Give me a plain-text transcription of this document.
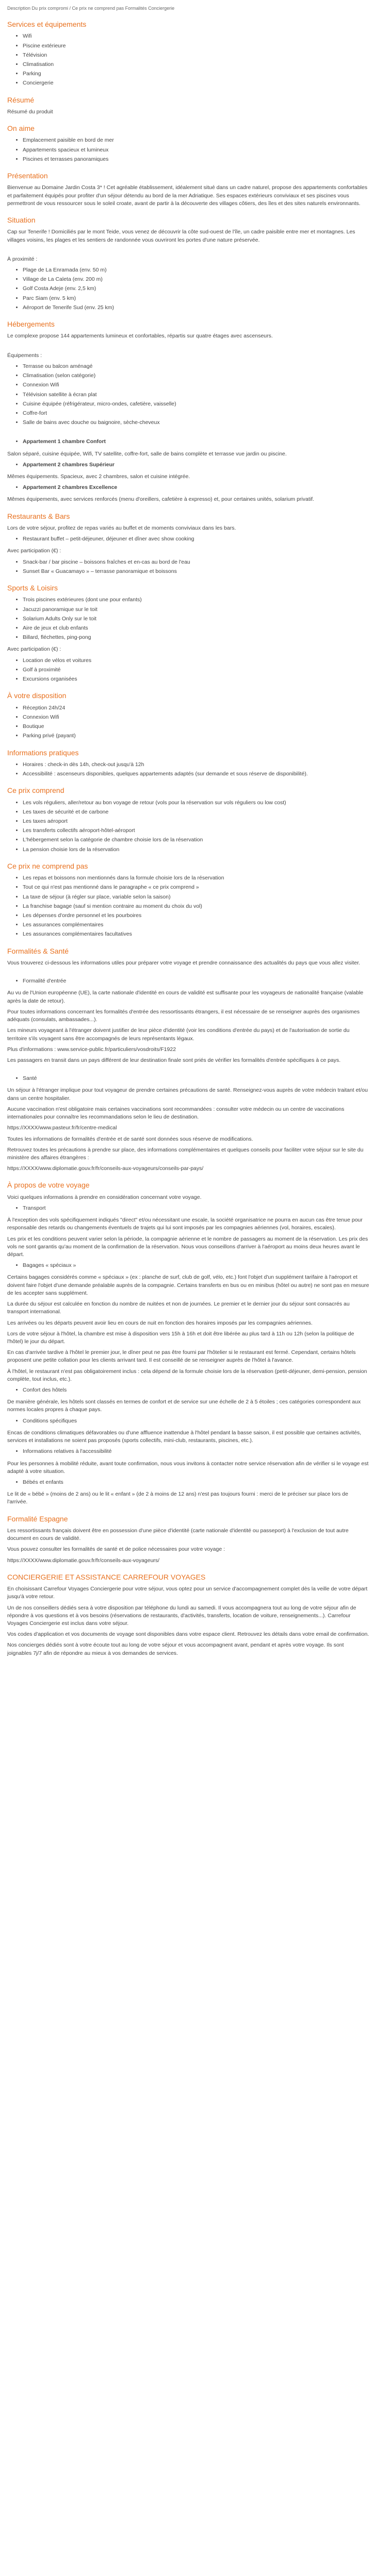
Description Du prix compromi / Ce prix ne comprend pas Formalités Conciergerie
Services et équipements
• Wifi
• Piscine extérieure
• Télévision
• Climatisation
• Parking
• Conciergerie
Résumé

Résumé du produit

On aime
• Emplacement paisible en bord de mer
• Appartements spacieux et lumineux
• Piscines et terrasses panoramiques
Présentation

Bienvenue au Domaine Jardin Costa 3* ! Cet agréable établissement, idéalement situé dans un cadre naturel, propose des appartements confortables et parfaitement équipés pour profiter d'un séjour détendu au bord de la mer Adriatique. Ses espaces extérieurs conviviaux et ses piscines vous permettront de vous ressourcer sous le soleil croate, avant de partir à la découverte des villages côtiers, des îles et des sites naturels environnants.

Situation

Cap sur Tenerife ! Domiciliés par le mont Teide, vous venez de découvrir la côte sud-ouest de l'île, un cadre paisible entre mer et montagnes. Les villages voisins, les plages et les sentiers de randonnée vous ouvriront les portes d'une nature préservée.

À proximité :

• Plage de La Enramada (env. 50 m)
• Village de La Caleta (env. 200 m)
• Golf Costa Adeje (env. 2,5 km)
• Parc Siam (env. 5 km)
• Aéroport de Tenerife Sud (env. 25 km)
Hébergements

Le complexe propose 144 appartements lumineux et confortables, répartis sur quatre étages avec ascenseurs.

Équipements :

• Terrasse ou balcon aménagé
• Climatisation (selon catégorie)
• Connexion Wifi
• Télévision satellite à écran plat
• Cuisine équipée (réfrigérateur, micro-ondes, cafetière, vaisselle)
• Coffre-fort
• Salle de bains avec douche ou baignoire, sèche-cheveux
• Appartement 1 chambre Confort

Salon séparé, cuisine équipée, Wifi, TV satellite, coffre-fort, salle de bains complète et terrasse vue jardin ou piscine.

• Appartement 2 chambres Supérieur

Mêmes équipements. Spacieux, avec 2 chambres, salon et cuisine intégrée.

• Appartement 2 chambres Excellence

Mêmes équipements, avec services renforcés (menu d'oreillers, cafetière à expresso) et, pour certaines unités, solarium privatif.

Restaurants & Bars

Lors de votre séjour, profitez de repas variés au buffet et de moments conviviaux dans les bars.

• Restaurant buffet – petit-déjeuner, déjeuner et dîner avec show cooking

Avec participation (€) :

• Snack-bar / bar piscine – boissons fraîches et en-cas au bord de l'eau
• Sunset Bar « Guacamayo » – terrasse panoramique et boissons
Sports & Loisirs
• Trois piscines extérieures (dont une pour enfants)
• Jacuzzi panoramique sur le toit
• Solarium Adults Only sur le toit
• Aire de jeux et club enfants
• Billard, fléchettes, ping-pong

Avec participation (€) :

• Location de vélos et voitures
• Golf à proximité
• Excursions organisées
À votre disposition
• Réception 24h/24
• Connexion Wifi
• Boutique
• Parking privé (payant)
Informations pratiques
• Horaires : check-in dès 14h, check-out jusqu'à 12h
• Accessibilité : ascenseurs disponibles, quelques appartements adaptés (sur demande et sous réserve de disponibilité).
Ce prix comprend
• Les vols réguliers, aller/retour au bon voyage de retour (vols pour la réservation sur vols réguliers ou low cost)
• Les taxes de sécurité et de carbone
• Les taxes aéroport
• Les transferts collectifs aéroport-hôtel-aéroport
• L'hébergement selon la catégorie de chambre choisie lors de la réservation
• La pension choisie lors de la réservation
Ce prix ne comprend pas
• Les repas et boissons non mentionnés dans la formule choisie lors de la réservation
• Tout ce qui n'est pas mentionné dans le paragraphe « ce prix comprend »
• La taxe de séjour (à régler sur place, variable selon la saison)
• La franchise bagage (sauf si mention contraire au moment du choix du vol)
• Les dépenses d'ordre personnel et les pourboires
• Les assurances complémentaires
• Les assurances complémentaires facultatives
Formalités & Santé

Vous trouverez ci-dessous les informations utiles pour préparer votre voyage et prendre connaissance des actualités du pays que vous allez visiter.

• Formalité d'entrée

Au vu de l'Union européenne (UE), la carte nationale d'identité en cours de validité est suffisante pour les voyageurs de nationalité française (valable après la date de retour).

Pour toutes informations concernant les formalités d'entrée des ressortissants étrangers, il est nécessaire de se renseigner auprès des organismes adéquats (consulats, ambassades...).

Les mineurs voyageant à l'étranger doivent justifier de leur pièce d'identité (voir les conditions d'entrée du pays) et de l'autorisation de sortie du territoire s'ils voyagent sans être accompagnés de leurs représentants légaux.

Plus d'informations : www.service-public.fr/particuliers/vosdroits/F1922

Les passagers en transit dans un pays différent de leur destination finale sont priés de vérifier les formalités d'entrée spécifiques à ce pays.

• Santé

Un séjour à l'étranger implique pour tout voyageur de prendre certaines précautions de santé. Renseignez-vous auprès de votre médecin traitant et/ou dans un centre hospitalier.

Aucune vaccination n'est obligatoire mais certaines vaccinations sont recommandées : consulter votre médecin ou un centre de vaccinations internationales pour connaître les recommandations selon le lieu de destination.

https://XXXX/www.pasteur.fr/fr/centre-medical

Toutes les informations de formalités d'entrée et de santé sont données sous réserve de modifications.

Retrouvez toutes les précautions à prendre sur place, des informations complémentaires et quelques conseils pour faciliter votre séjour sur le site du ministère des affaires étrangères :

https://XXXX/www.diplomatie.gouv.fr/fr/conseils-aux-voyageurs/conseils-par-pays/

À propos de votre voyage

Voici quelques informations à prendre en considération concernant votre voyage.

• Transport

À l'exception des vols spécifiquement indiqués "direct" et/ou nécessitant une escale, la société organisatrice ne pourra en aucun cas être tenue pour responsable des retards ou changements éventuels de trajets qui lui sont imposés par les compagnies aériennes (vol, horaires, escales).

Les prix et les conditions peuvent varier selon la période, la compagnie aérienne et le nombre de passagers au moment de la réservation. Les prix des vols ne sont garantis qu'au moment de la confirmation de la réservation. Nous vous conseillons d'arriver à l'aéroport au moins deux heures avant le départ.

• Bagages « spéciaux »

Certains bagages considérés comme « spéciaux » (ex : planche de surf, club de golf, vélo, etc.) font l'objet d'un supplément tarifaire à l'aéroport et doivent faire l'objet d'une demande préalable auprès de la compagnie. Certains transferts en bus ou en minibus (hôtel ou autre) ne sont pas en mesure de les accepter sans supplément.

La durée du séjour est calculée en fonction du nombre de nuitées et non de journées. Le premier et le dernier jour du séjour sont consacrés au transport international.

Les arrivées ou les départs peuvent avoir lieu en cours de nuit en fonction des horaires imposés par les compagnies aériennes.

Lors de votre séjour à l'hôtel, la chambre est mise à disposition vers 15h à 16h et doit être libérée au plus tard à 11h ou 12h (selon la politique de l'hôtel) le jour du départ.

En cas d'arrivée tardive à l'hôtel le premier jour, le dîner peut ne pas être fourni par l'hôtelier si le restaurant est fermé. Cependant, certains hôtels proposent une petite collation pour les clients arrivant tard. Il est conseillé de se renseigner auprès de l'hôtel à l'avance.

À l'hôtel, le restaurant n'est pas obligatoirement inclus : cela dépend de la formule choisie lors de la réservation (petit-déjeuner, demi-pension, pension complète, tout inclus, etc.).

• Confort des hôtels

De manière générale, les hôtels sont classés en termes de confort et de service sur une échelle de 2 à 5 étoiles ; ces catégories correspondent aux normes locales propres à chaque pays.

• Conditions spécifiques

Encas de conditions climatiques défavorables ou d'une affluence inattendue à l'hôtel pendant la basse saison, il est possible que certaines activités, services et installations ne soient pas proposés (sports collectifs, mini-club, restaurants, piscines, etc.).

• Informations relatives à l'accessibilité

Pour les personnes à mobilité réduite, avant toute confirmation, nous vous invitons à contacter notre service réservation afin de vérifier si le voyage est adapté à votre situation.

• Bébés et enfants

Le lit de « bébé » (moins de 2 ans) ou le lit « enfant » (de 2 à moins de 12 ans) n'est pas toujours fourni : merci de le préciser sur place lors de l'arrivée.

Formalité Espagne

Les ressortissants français doivent être en possession d'une pièce d'identité (carte nationale d'identité ou passeport) à l'exclusion de tout autre document en cours de validité.

Vous pouvez consulter les formalités de santé et de police nécessaires pour votre voyage :

https://XXXX/www.diplomatie.gouv.fr/fr/conseils-aux-voyageurs/

CONCIERGERIE ET ASSISTANCE CARREFOUR VOYAGES

En choisissant Carrefour Voyages Conciergerie pour votre séjour, vous optez pour un service d'accompagnement complet dès la veille de votre départ jusqu'à votre retour.

Un de nos conseillers dédiés sera à votre disposition par téléphone du lundi au samedi. Il vous accompagnera tout au long de votre séjour afin de répondre à vos questions et à vos besoins (réservations de restaurants, d'activités, transferts, location de voiture, renseignements...). Carrefour Voyages Conciergerie est inclus dans votre séjour.

Vos codes d'application et vos documents de voyage sont disponibles dans votre espace client. Retrouvez les détails dans votre email de confirmation.

Nos concierges dédiés sont à votre écoute tout au long de votre séjour et vous accompagnent avant, pendant et après votre voyage. Ils sont joignables 7j/7 afin de répondre au mieux à vos demandes de services.
